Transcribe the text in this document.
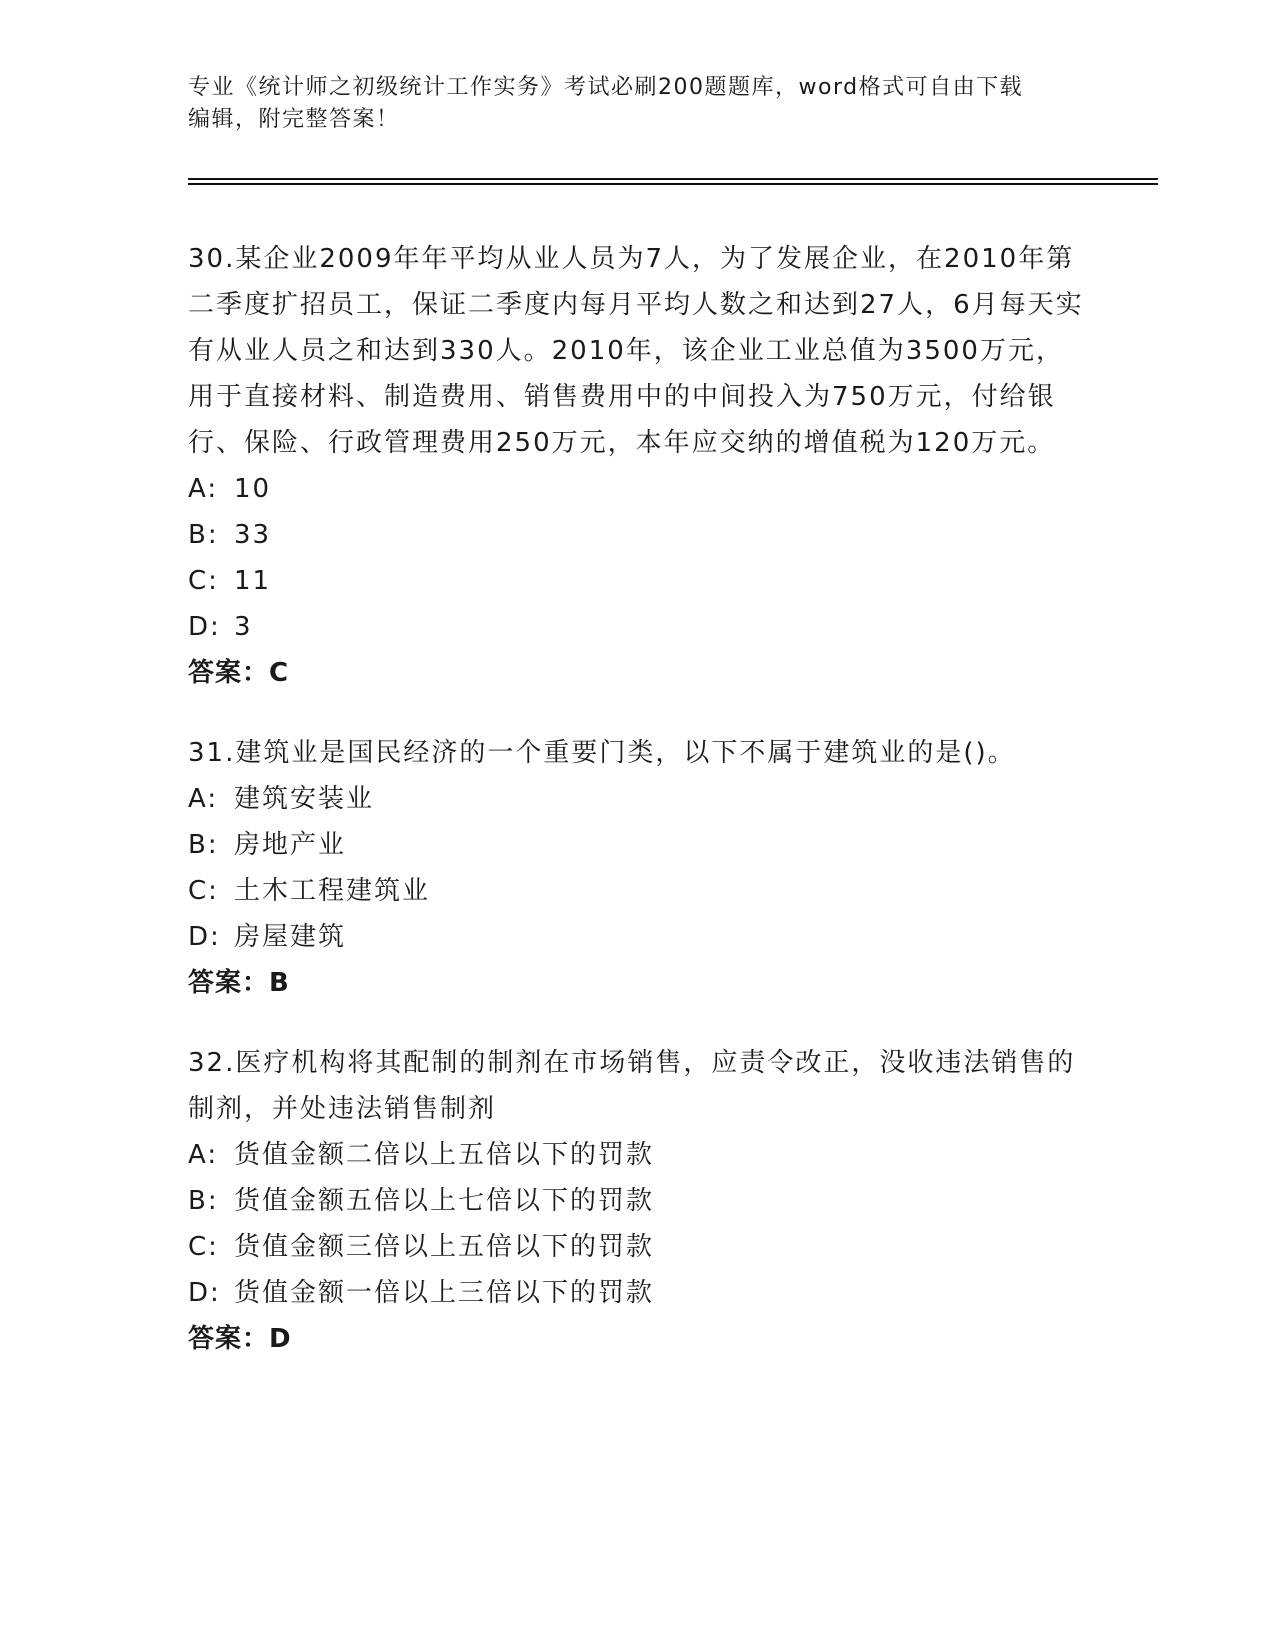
专业《统计师之初级统计工作实务》考试必刷200题题库，word格式可自由下载
编辑，附完整答案！

30.某企业2009年年平均从业人员为7人，为了发展企业，在2010年第二季度扩招员工，保证二季度内每月平均人数之和达到27人，6月每天实有从业人员之和达到330人。2010年，该企业工业总值为3500万元，用于直接材料、制造费用、销售费用中的中间投入为750万元，付给银行、保险、行政管理费用250万元，本年应交纳的增值税为120万元。

A: 10
B: 33
C: 11
D: 3
答案：C

31.建筑业是国民经济的一个重要门类，以下不属于建筑业的是()。

A: 建筑安装业
B: 房地产业
C: 土木工程建筑业
D: 房屋建筑
答案：B

32.医疗机构将其配制的制剂在市场销售，应责令改正，没收违法销售的制剂，并处违法销售制剂

A: 货值金额二倍以上五倍以下的罚款
B: 货值金额五倍以上七倍以下的罚款
C: 货值金额三倍以上五倍以下的罚款
D: 货值金额一倍以上三倍以下的罚款
答案：D
